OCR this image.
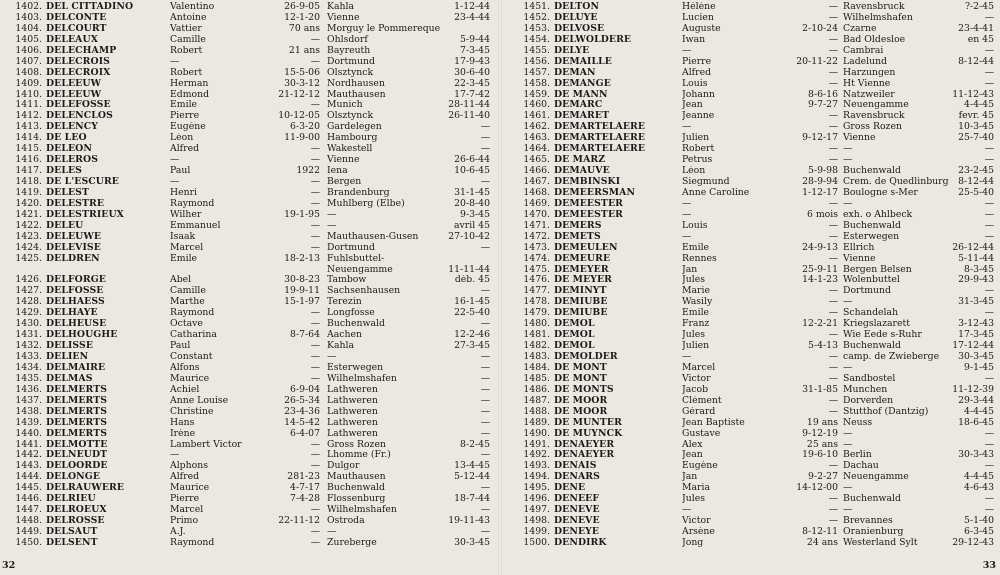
1402. DEL CITTADINO	Valentino	26-9-05 Kahla	1-12-44
1403. DELCONTE	Antoine	12-1-20 Vienne	23-4-44
1404. DELCOURT	Vattier	70 ans Morguy le Pommereque
1405. DELEAUX	Camille	— Ohlsdorf	5-9-44
1406. DELECHAMP	Robert	21 ans Bayreuth	7-3-45
1407. DELECROIS	—	— Dortmund	17-9-43
1408. DELECROIX	Robert	15-5-06 Olsztynck	30-6-40
1409. DELEEUW	Herman	30-3-12 Nordhausen	22-3-45
1410. DELEEUW	Edmond	21-12-12 Mauthausen	17-7-42
1411. DELEFOSSE	Emile	— Munich	28-11-44
1412. DELENCLOS	Pierre	10-12-05 Olsztynck	26-11-40
1413. DELENCY	Eugène	6-3-20 Gardelegen	—
1414. DE LEO	Léon	11-9-00 Hambourg	—
1415. DELEON	Alfred	— Wakestell	—
1416. DELEROS	—	— Vienne	26-6-44
1417. DELES	Paul	1922 Iena	10-6-45
1418. DE L'ESCURE	—	— Bergen	—
1419. DELEST	Henri	— Brandenburg	31-1-45
1420. DELESTRE	Raymond	— Muhlberg (Elbe)	20-8-40
1421. DELESTRIEUX	Wilher	19-1-95 —	9-3-45
1422. DELEU	Emmanuel	— —	avril 45
1423. DELEUWE	Isaak	— Mauthausen-Gusen	27-10-42
1424. DELEVISE	Marcel	— Dortmund	—
1425. DELDREN	Emile	18-2-13 Fuhlsbuttel-
Neuengamme	11-11-44
1426. DELFORGE	Abel	30-8-23 Tambow	déb. 45
1427. DELFOSSE	Camille	19-9-11 Sachsenhausen	—
1428. DELHAESS	Marthe	15-1-97 Terezin	16-1-45
1429. DELHAYE	Raymond	— Longfosse	22-5-40
1430. DELHEUSE	Octave	— Buchenwald	—
1431. DELHOUGHE	Catharina	8-7-64 Aachen	12-2-46
1432. DELISSE	Paul	— Kahla	27-3-45
1433. DELIEN	Constant	— —	—
1434. DELMAIRE	Alfons	— Esterwegen	—
1435. DELMAS	Maurice	— Wilhelmshafen	—
1436. DELMERTS	Achiel	6-9-04 Lathweren	—
1437. DELMERTS	Anne Louise	26-5-34 Lathweren	—
1438. DELMERTS	Christine	23-4-36 Lathweren	—
1439. DELMERTS	Hans	14-5-42 Lathweren	—
1440. DELMERTS	Irène	6-4-07 Lathweren	—
1441. DELMOTTE	Lambert Victor	— Gross Rozen	8-2-45
1442. DELNEUDT	—	— Lhomme (Fr.)	—
1443. DELOORDE	Alphons	— Dulgor	13-4-45
1444. DELONGE	Alfred	281-23 Mauthausen	5-12-44
1445. DELRAUWERE	Maurice	4-7-17 Buchenwald	—
1446. DELRIEU	Pierre	7-4-28 Flossenburg	18-7-44
1447. DELROEUX	Marcel	— Wilhelmshafen	—
1448. DELROSSE	Primo	22-11-12 Ostroda	19-11-43
1449. DELSAUT	A.J.	— —	—
1450. DELSENT	Raymond	— Zureberge	30-3-45
32
1451. DELTON	Hélène	— Ravensbruck	?-2-45
1452. DELUYE	Lucien	— Wilhelmshafen	—
1453. DELVOSE	Auguste	2-10-24 Czarne	23-4-41
1454. DELWOLDERE	Iwan	— Bad Oldesloe	en 45
1455. DELYE	—	— Cambrai	—
1456. DEMAILLE	Pierre	20-11-22 Ladelund	8-12-44
1457. DEMAN	Alfred	— Harzungen	—
1458. DEMANGE	Louis	— Ht Vienne	—
1459. DE MANN	Johann	8-6-16 Natzweiler	11-12-43
1460. DEMARC	Jean	9-7-27 Neuengamme	4-4-45
1461. DEMARET	Jeanne	— Ravensbruck	fevr. 45
1462. DEMARTELAERE	—	— Gross Rozen	10-3-45
1463. DEMARTELAERE	Julien	9-12-17 Vienne	25-7-40
1464. DEMARTELAERE	Robert	— —	—
1465. DE MARZ	Petrus	— —	—
1466. DEMAUVE	Léon	5-9-98 Buchenwald	23-2-45
1467. DEMBINSKI	Siegmund	28-9-94 Crem. de Quedlinburg	8-12-44
1468. DEMEERSMAN	Anne Caroline	1-12-17 Boulogne s-Mer	25-5-40
1469. DEMEESTER	—	— —	—
1470. DEMEESTER	—	6 mois exh. o Ahlbeck	—
1471. DEMERS	Louis	— Buchenwald	—
1472. DEMETS	—	— Esterwegen	—
1473. DEMEULEN	Emile	24-9-13 Ellrich	26-12-44
1474. DEMEURE	Rennes	— Vienne	5-11-44
1475. DEMEYER	Jan	25-9-11 Bergen Belsen	8-3-45
1476. DE MEYER	Jules	14-1-23 Wolenbuttel	29-9-43
1477. DEMINYT	Marie	— Dortmund	—
1478. DEMIUBE	Wasily	— —	31-3-45
1479. DEMIUBE	Emile	— Schandelah	—
1480. DEMOL	Franz	12-2-21 Kriegslazarett	3-12-43
1481. DEMOL	Jules	— Wie Eede s-Ruhr	17-3-45
1482. DEMOL	Julien	5-4-13 Buchenwald	17-12-44
1483. DEMOLDER	—	— camp. de Zwieberge	30-3-45
1484. DE MONT	Marcel	— —	9-1-45
1485. DE MONT	Victor	— Sandbostel	—
1486. DE MONTS	Jacob	31-1-85 Munchen	11-12-39
1487. DE MOOR	Clément	— Dorverden	29-3-44
1488. DE MOOR	Gérard	— Stutthof (Dantzig)	4-4-45
1489. DE MUNTER	Jean Baptiste	19 ans Neuss	18-6-45
1490. DE MUYNCK	Gustave	9-12-19 —	—
1491. DENAEYER	Alex	25 ans —	—
1492. DENAEYER	Jean	19-6-10 Berlin	30-3-43
1493. DENAIS	Eugène	— Dachau	—
1494. DENARS	Jan	9-2-27 Neuengamme	4-4-45
1495. DENE	Maria	14-12-00 —	4-6-43
1496. DENEEF	Jules	— Buchenwald	—
1497. DENEVE	—	— —	—
1498. DENEVE	Victor	— Brevannes	5-1-40
1499. DENEYE	Arsène	8-12-11 Oranienburg	6-3-45
1500. DENDIRK	Jong	24 ans Westerland Sylt	29-12-43
33
